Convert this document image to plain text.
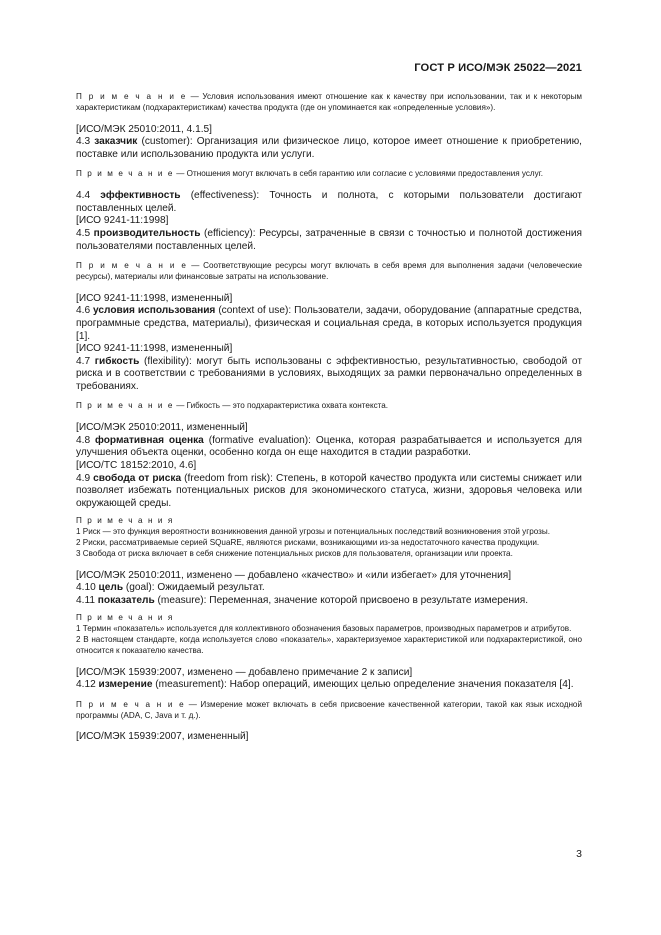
ГОСТ Р ИСО/МЭК 25022—2021

П р и м е ч а н и е — Условия использования имеют отношение как к качеству при использовании, так и к некоторым характеристикам (подхарактеристикам) качества продукта (где он упоминается как «определенные условия»).

[ИСО/МЭК 25010:2011, 4.1.5]

4.3 заказчик (customer): Организация или физическое лицо, которое имеет отношение к приобретению, поставке или использованию продукта или услуги.

П р и м е ч а н и е — Отношения могут включать в себя гарантию или согласие с условиями предоставления услуг.

4.4 эффективность (effectiveness): Точность и полнота, с которыми пользователи достигают поставленных целей.

[ИСО 9241-11:1998]

4.5 производительность (efficiency): Ресурсы, затраченные в связи с точностью и полнотой достижения пользователями поставленных целей.

П р и м е ч а н и е — Соответствующие ресурсы могут включать в себя время для выполнения задачи (человеческие ресурсы), материалы или финансовые затраты на использование.

[ИСО 9241-11:1998, измененный]

4.6 условия использования (context of use): Пользователи, задачи, оборудование (аппаратные средства, программные средства, материалы), физическая и социальная среда, в которых используется продукция [1].

[ИСО 9241-11:1998, измененный]

4.7 гибкость (flexibility): могут быть использованы с эффективностью, результативностью, свободой от риска и в соответствии с требованиями в условиях, выходящих за рамки первоначально определенных в требованиях.

П р и м е ч а н и е — Гибкость — это подхарактеристика охвата контекста.

[ИСО/МЭК 25010:2011, измененный]

4.8 формативная оценка (formative evaluation): Оценка, которая разрабатывается и используется для улучшения объекта оценки, особенно когда он еще находится в стадии разработки.

[ИСО/ТС 18152:2010, 4.6]

4.9 свобода от риска (freedom from risk): Степень, в которой качество продукта или системы снижает или позволяет избежать потенциальных рисков для экономического статуса, жизни, здоровья человека или окружающей среды.

П р и м е ч а н и я

1 Риск — это функция вероятности возникновения данной угрозы и потенциальных последствий возникновения этой угрозы.

2 Риски, рассматриваемые серией SQuaRE, являются рисками, возникающими из-за недостаточного качества продукции.

3 Свобода от риска включает в себя снижение потенциальных рисков для пользователя, организации или проекта.

[ИСО/МЭК 25010:2011, изменено — добавлено «качество» и «или избегает» для уточнения]

4.10 цель (goal): Ожидаемый результат.

4.11 показатель (measure): Переменная, значение которой присвоено в результате измерения.

П р и м е ч а н и я

1 Термин «показатель» используется для коллективного обозначения базовых параметров, производных параметров и атрибутов.

2 В настоящем стандарте, когда используется слово «показатель», характеризуемое характеристикой или подхарактеристикой, оно относится к показателю качества.

[ИСО/МЭК 15939:2007, изменено — добавлено примечание 2 к записи]

4.12 измерение (measurement): Набор операций, имеющих целью определение значения показателя [4].

П р и м е ч а н и е — Измерение может включать в себя присвоение качественной категории, такой как язык исходной программы (ADA, C, Java и т. д.).

[ИСО/МЭК 15939:2007, измененный]

3
